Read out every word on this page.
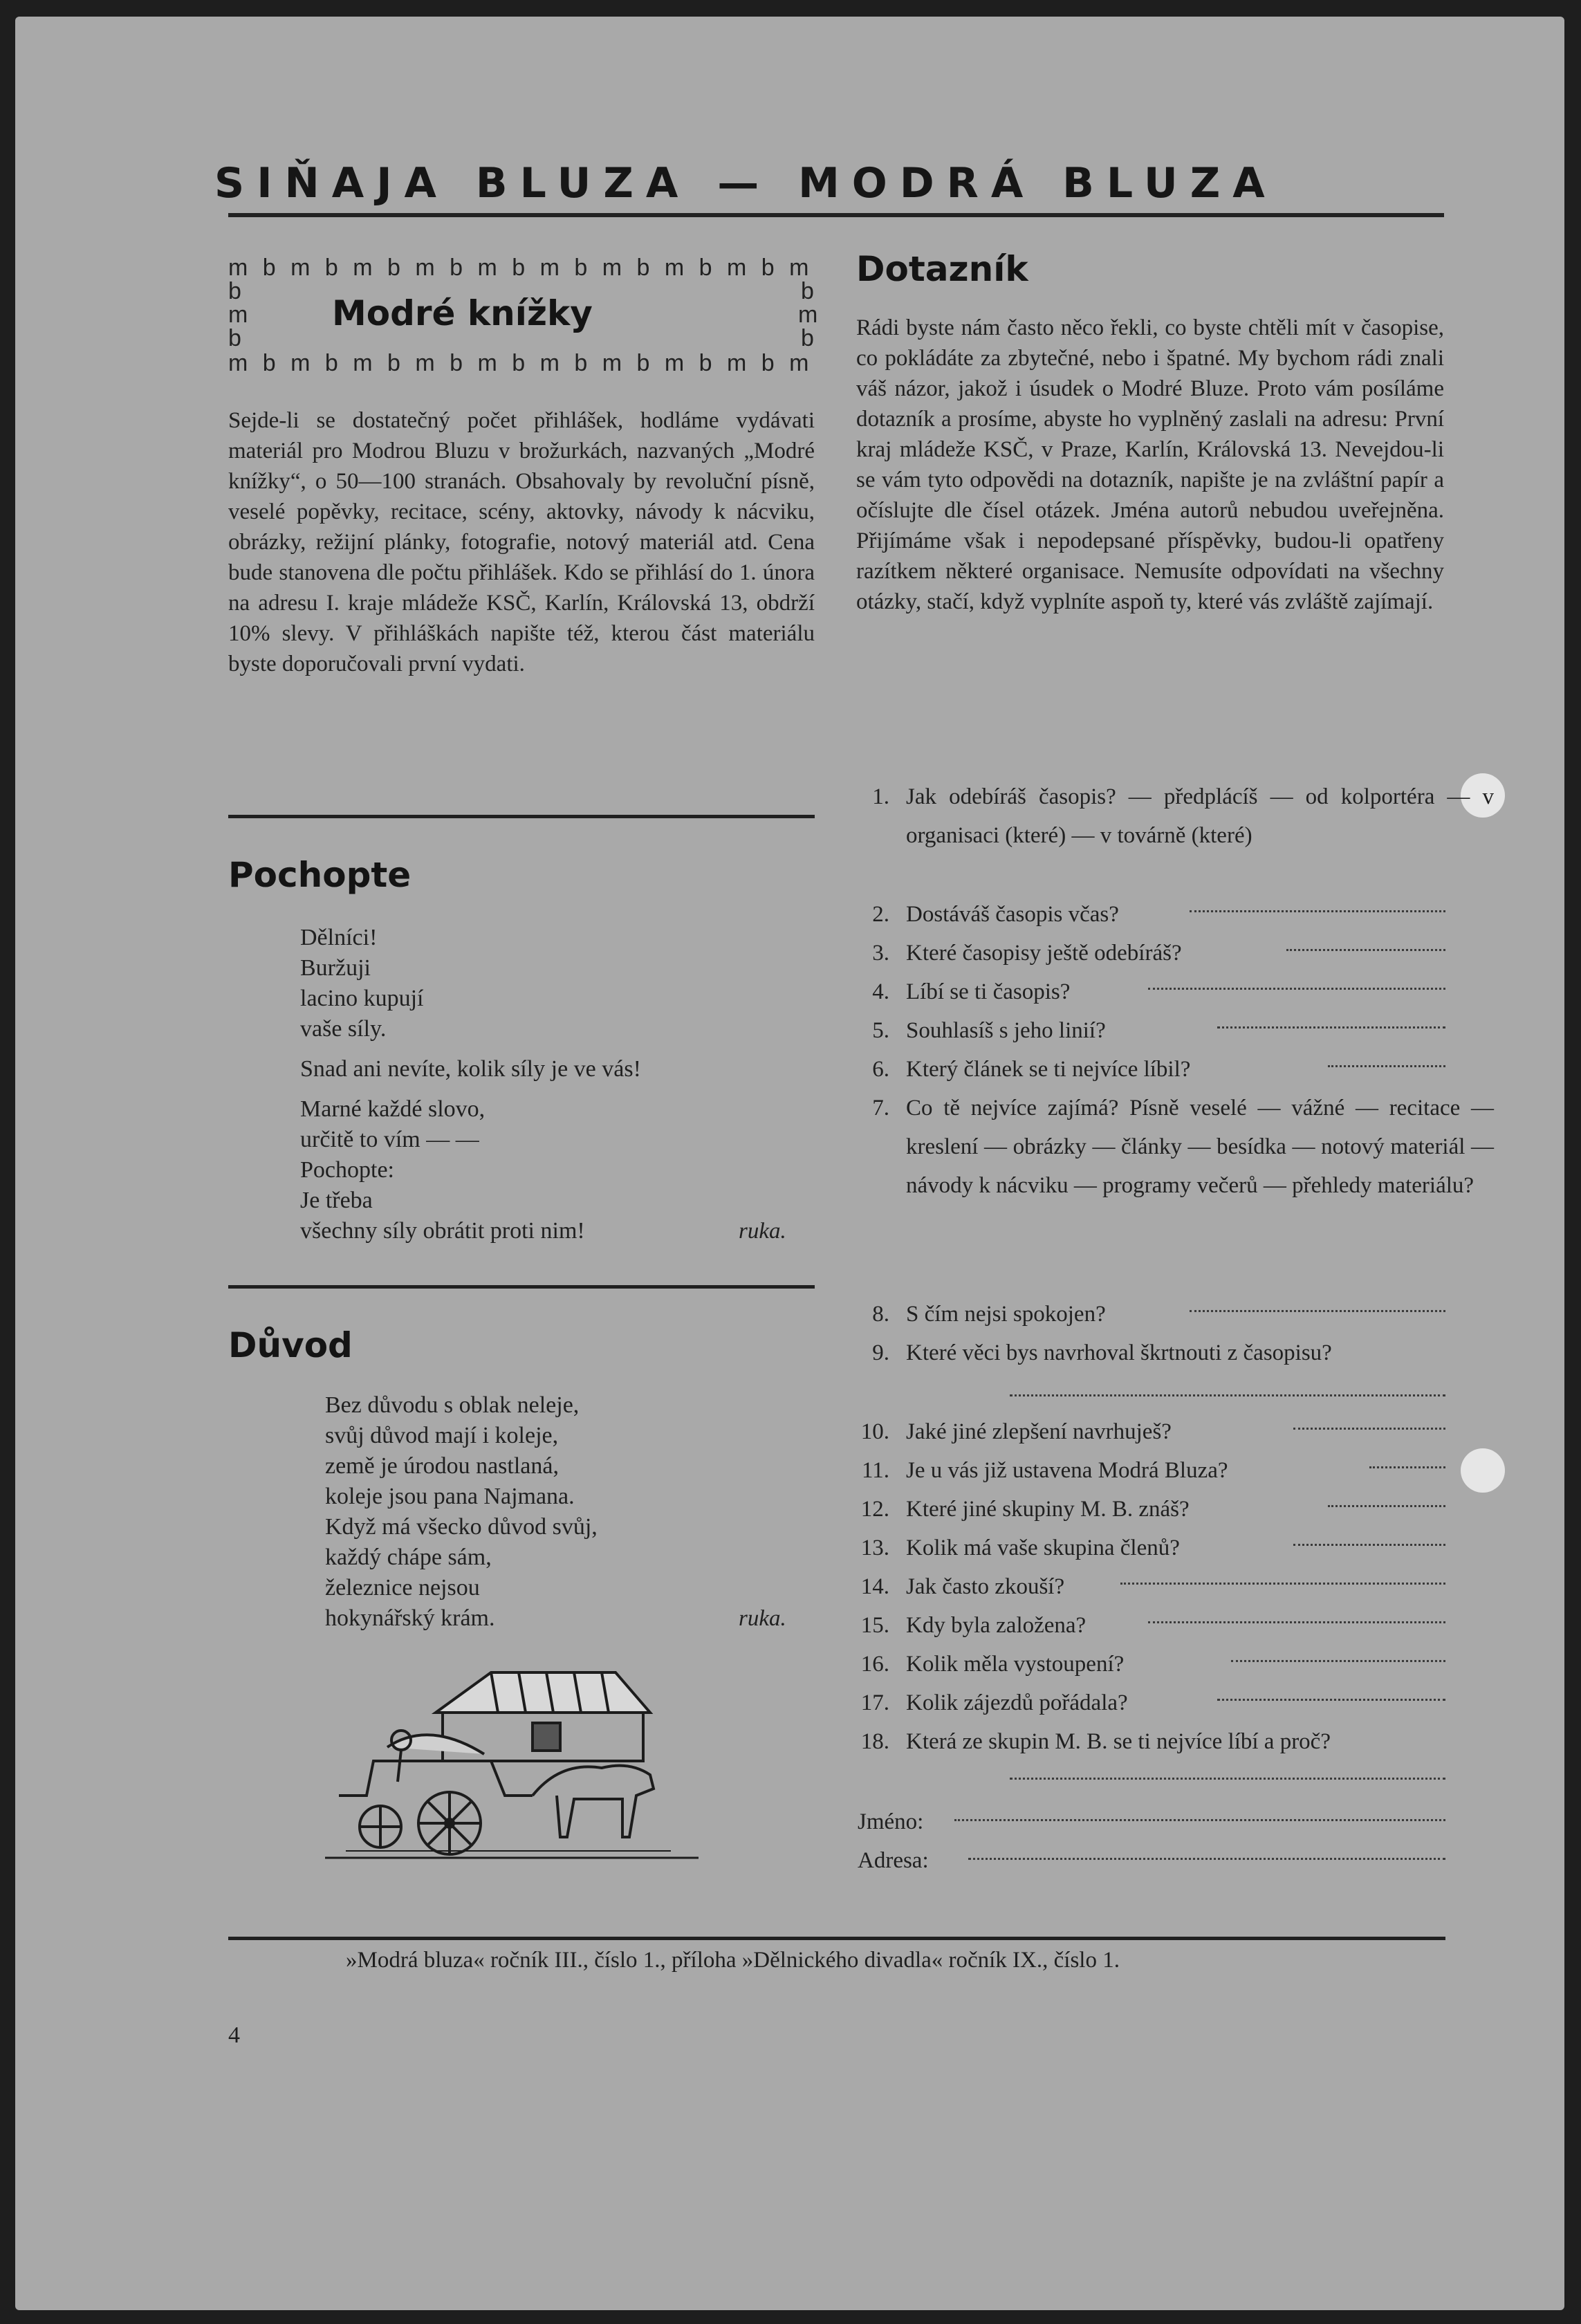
SIŇAJA BLUZA — MODRÁ BLUZA
m b m b m b m b m b m b m b m b m b m
b
m
b
b
m
b
Modré knížky
m b m b m b m b m b m b m b m b m b m
Sejde-li se dostatečný počet přihlášek, hodláme vydávati materiál pro Modrou Bluzu v brožurkách, nazvaných „Modré knížky“, o 50—100 stranách. Obsahovaly by revoluční písně, veselé popěvky, recitace, scény, aktovky, návody k nácviku, obrázky, režijní plánky, fotografie, notový materiál atd. Cena bude stanovena dle počtu přihlášek. Kdo se přihlásí do 1. února na adresu I. kraje mládeže KSČ, Karlín, Královská 13, obdrží 10% slevy. V přihláškách napište též, kterou část materiálu byste doporučovali první vydati.
Pochopte
Dělníci!
Buržuji
lacino kupují
vaše síly.
Snad ani nevíte, kolik síly je ve vás!
Marné každé slovo,
určitě to vím — —
Pochopte:
Je třeba
všechny síly obrátit proti nim!	ruka.
Důvod
Bez důvodu s oblak neleje,
svůj důvod mají i koleje,
země je úrodou nastlaná,
koleje jsou pana Najmana.
Když má všecko důvod svůj,
každý chápe sám,
železnice nejsou
hokynářský krám.	ruka.
Dotazník
Rádi byste nám často něco řekli, co byste chtěli mít v časopise, co pokládáte za zbytečné, nebo i špatné. My bychom rádi znali váš názor, jakož i úsudek o Modré Bluze. Proto vám posíláme dotazník a prosíme, abyste ho vyplněný zaslali na adresu: První kraj mládeže KSČ, v Praze, Karlín, Královská 13. Nevejdou-li se vám tyto odpovědi na dotazník, napište je na zvláštní papír a očíslujte dle čísel otázek. Jména autorů nebudou uveřejněna. Přijímáme však i nepodepsané příspěvky, budou-li opatřeny razítkem některé organisace. Nemusíte odpovídati na všechny otázky, stačí, když vyplníte aspoň ty, které vás zvláště zajímají.
1. Jak odebíráš časopis? — předplácíš — od kolportéra — v organisaci (které) — v továrně (které)
2. Dostáváš časopis včas?
3. Které časopisy ještě odebíráš?
4. Líbí se ti časopis?
5. Souhlasíš s jeho linií?
6. Který článek se ti nejvíce líbil?
7. Co tě nejvíce zajímá? Písně veselé — vážné — recitace — kreslení — obrázky — články — besídka — notový materiál — návody k nácviku — programy večerů — přehledy materiálu?
8. S čím nejsi spokojen?
9. Které věci bys navrhoval škrtnouti z časopisu?
10. Jaké jiné zlepšení navrhuješ?
11. Je u vás již ustavena Modrá Bluza?
12. Které jiné skupiny M. B. znáš?
13. Kolik má vaše skupina členů?
14. Jak často zkouší?
15. Kdy byla založena?
16. Kolik měla vystoupení?
17. Kolik zájezdů pořádala?
18. Která ze skupin M. B. se ti nejvíce líbí a proč?
Jméno:
Adresa:
»Modrá bluza« ročník III., číslo 1., příloha »Dělnického divadla« ročník IX., číslo 1.
4
